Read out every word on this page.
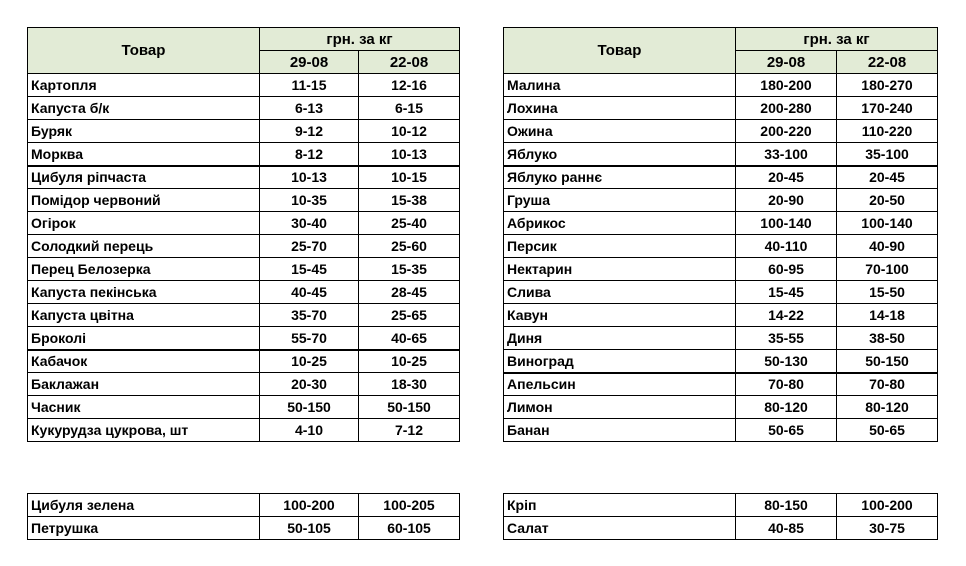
Товар	грн. за кг	
	29-08	22-08
Картопля	11-15	12-16
Капуста б/к	6-13	6-15
Буряк	9-12	10-12
Морква	8-12	10-13
Цибуля ріпчаста	10-13	10-15
Помідор червоний	10-35	15-38
Огірок	30-40	25-40
Солодкий перець	25-70	25-60
Перец Белозерка	15-45	15-35
Капуста пекінська	40-45	28-45
Капуста цвітна	35-70	25-65
Броколі	55-70	40-65
Кабачок	10-25	10-25
Баклажан	20-30	18-30
Часник	50-150	50-150
Кукурудза цукрова, шт	4-10	7-12
Товар	грн. за кг	
	29-08	22-08
Малина	180-200	180-270
Лохина	200-280	170-240
Ожина	200-220	110-220
Яблуко	33-100	35-100
Яблуко раннє	20-45	20-45
Груша	20-90	20-50
Абрикос	100-140	100-140
Персик	40-110	40-90
Нектарин	60-95	70-100
Слива	15-45	15-50
Кавун	14-22	14-18
Диня	35-55	38-50
Виноград	50-130	50-150
Апельсин	70-80	70-80
Лимон	80-120	80-120
Банан	50-65	50-65
Цибуля зелена	100-200	100-205
Петрушка	50-105	60-105
Кріп	80-150	100-200
Салат	40-85	30-75
